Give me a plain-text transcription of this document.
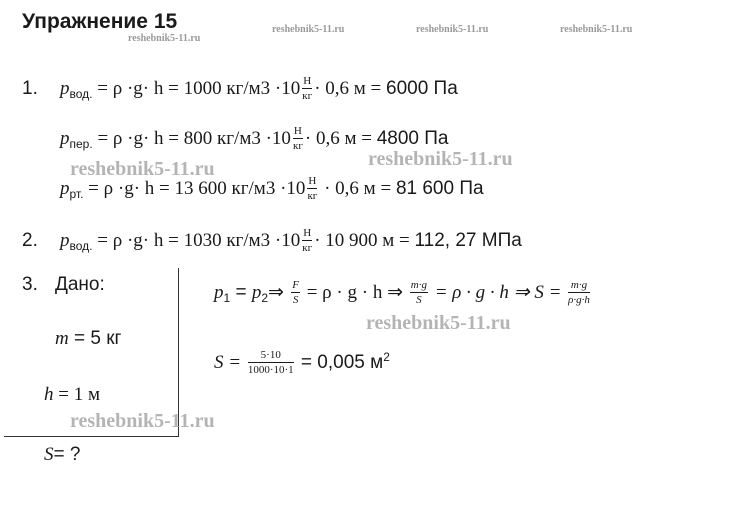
Упражнение 15
reshebnik5-11.ru
reshebnik5-11.ru	reshebnik5-11.ru	reshebnik5-11.ru
1. $p_{вод.} = \rho \cdot g\cdot h = 1000$ $кг/м3 \cdot 10 \frac{Н}{кг} \cdot 0,6$ м = 6000 Па
$p_{пер.} = \rho \cdot g\cdot h = 800$ $кг/м3 \cdot 10 \frac{Н}{кг} \cdot 0,6$ м = 4800 Па
reshebnik5-11.ru	reshebnik5-11.ru
$p_{рт.} = \rho \cdot g\cdot h = 13$ 600 $кг/м3 \cdot 10 \frac{Н}{кг} \cdot 0,6$ м = 81 600 Па
2. $p_{вод.} = \rho \cdot g\cdot h = 1030$ $кг/м3 \cdot 10 \frac{Н}{кг} \cdot 10$ 900 м = 112, 27 МПа
3. Дано:
m = 5 кг
h = 1 м
reshebnik5-11.ru
S= ?
$p_1$ = $p_2\Rightarrow \frac{F}{S} = \rho \cdot g \cdot h$ ⇒ $\frac{m\cdot g}{S} = \rho \cdot g \cdot h$ ⇒ $S = \frac{m\cdot g}{\rho\cdot g\cdot h}$
reshebnik5-11.ru
$S = \frac{5\cdot 10}{1000\cdot 10\cdot 1} = 0,005$ $м^2$
